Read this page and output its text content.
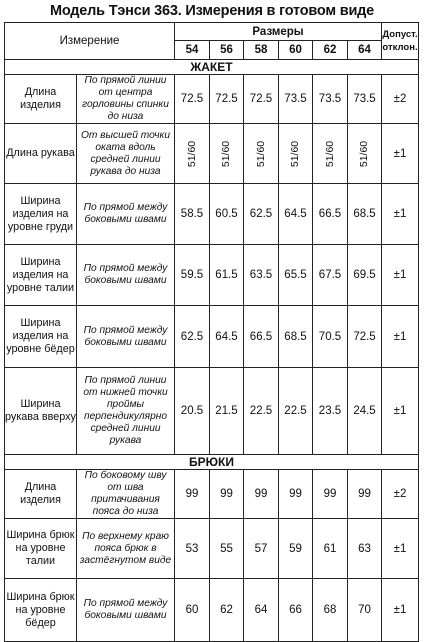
Модель Тэнси 363. Измерения в готовом виде
Измерение		Размеры						Допуст.
отклон.
		54	56	58	60	62	64	
ЖАКЕТ								
Длина изделия	По прямой линии от центра горловины спинки до низа	72.5	72.5	72.5	73.5	73.5	73.5	±2
Длина рукава	От высшей точки оката вдоль средней линии рукава до низа	51/60	51/60	51/60	51/60	51/60	51/60	±1
Ширина изделия на уровне груди	По прямой между боковыми швами	58.5	60.5	62.5	64.5	66.5	68.5	±1
Ширина изделия на уровне талии	По прямой между боковыми швами	59.5	61.5	63.5	65.5	67.5	69.5	±1
Ширина изделия на уровне бёдер	По прямой между боковыми швами	62.5	64.5	66.5	68.5	70.5	72.5	±1
Ширина рукава вверху	По прямой линии от нижней точки проймы перпендикулярно средней линии рукава	20.5	21.5	22.5	22.5	23.5	24.5	±1
БРЮКИ								
Длина изделия	По боковому шву от шва притачивания пояса до низа	99	99	99	99	99	99	±2
Ширина брюк на уровне талии	По верхнему краю пояса брюк в застёгнутом виде	53	55	57	59	61	63	±1
Ширина брюк на уровне бёдер	По прямой между боковыми швами	60	62	64	66	68	70	±1
